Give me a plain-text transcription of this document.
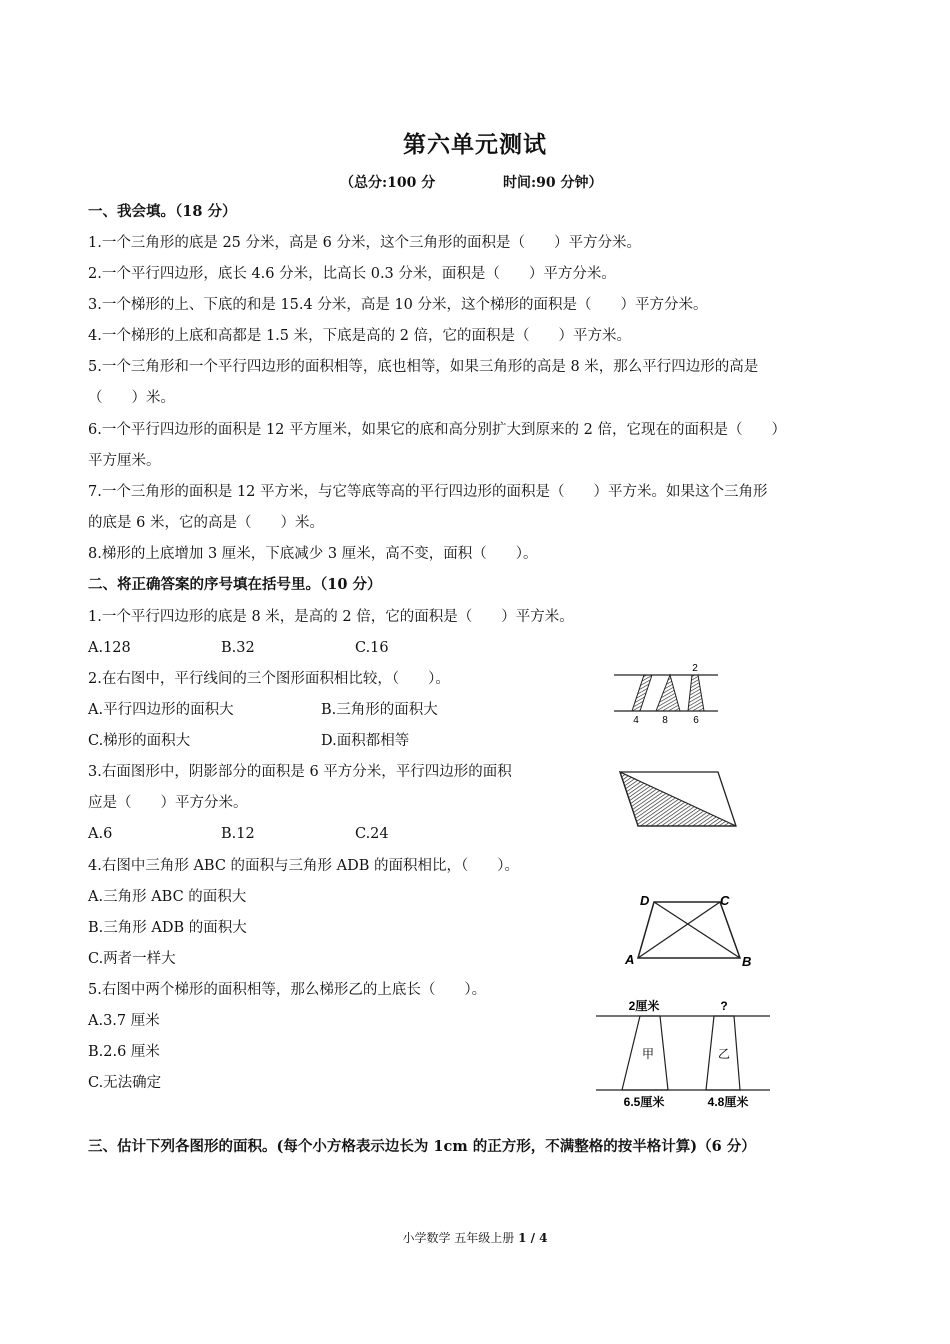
第六单元测试
（总分:100 分	时间:90 分钟）
一、我会填。（18 分）
1.一个三角形的底是 25 分米，高是 6 分米，这个三角形的面积是（　　）平方分米。
2.一个平行四边形，底长 4.6 分米，比高长 0.3 分米，面积是（　　）平方分米。
3.一个梯形的上、下底的和是 15.4 分米，高是 10 分米，这个梯形的面积是（　　）平方分米。
4.一个梯形的上底和高都是 1.5 米，下底是高的 2 倍，它的面积是（　　）平方米。
5.一个三角形和一个平行四边形的面积相等，底也相等，如果三角形的高是 8 米，那么平行四边形的高是
（　　）米。
6.一个平行四边形的面积是 12 平方厘米，如果它的底和高分别扩大到原来的 2 倍，它现在的面积是（　　）
平方厘米。
7.一个三角形的面积是 12 平方米，与它等底等高的平行四边形的面积是（　　）平方米。如果这个三角形
的底是 6 米，它的高是（　　）米。
8.梯形的上底增加 3 厘米，下底减少 3 厘米，高不变，面积（　　）。
二、将正确答案的序号填在括号里。（10 分）
1.一个平行四边形的底是 8 米，是高的 2 倍，它的面积是（　　）平方米。
A.128	B.32	C.16
2.在右图中，平行线间的三个图形面积相比较，（　　）。
A.平行四边形的面积大	B.三角形的面积大
C.梯形的面积大	D.面积都相等
3.右面图形中，阴影部分的面积是 6 平方分米，平行四边形的面积
应是（　　）平方分米。
A.6	B.12	C.24
4.右图中三角形 ABC 的面积与三角形 ADB 的面积相比，（　　）。
A.三角形 ABC 的面积大
B.三角形 ADB 的面积大
C.两者一样大
5.右图中两个梯形的面积相等，那么梯形乙的上底长（　　）。
A.3.7 厘米
B.2.6 厘米
C.无法确定
三、估计下列各图形的面积。(每个小方格表示边长为 1cm 的正方形，不满整格的按半格计算)（6 分）
小学数学 五年级上册 1 / 4
2
4 8	6
D	C
A	B
2厘米	?
甲	乙
6.5厘米	4.8厘米
